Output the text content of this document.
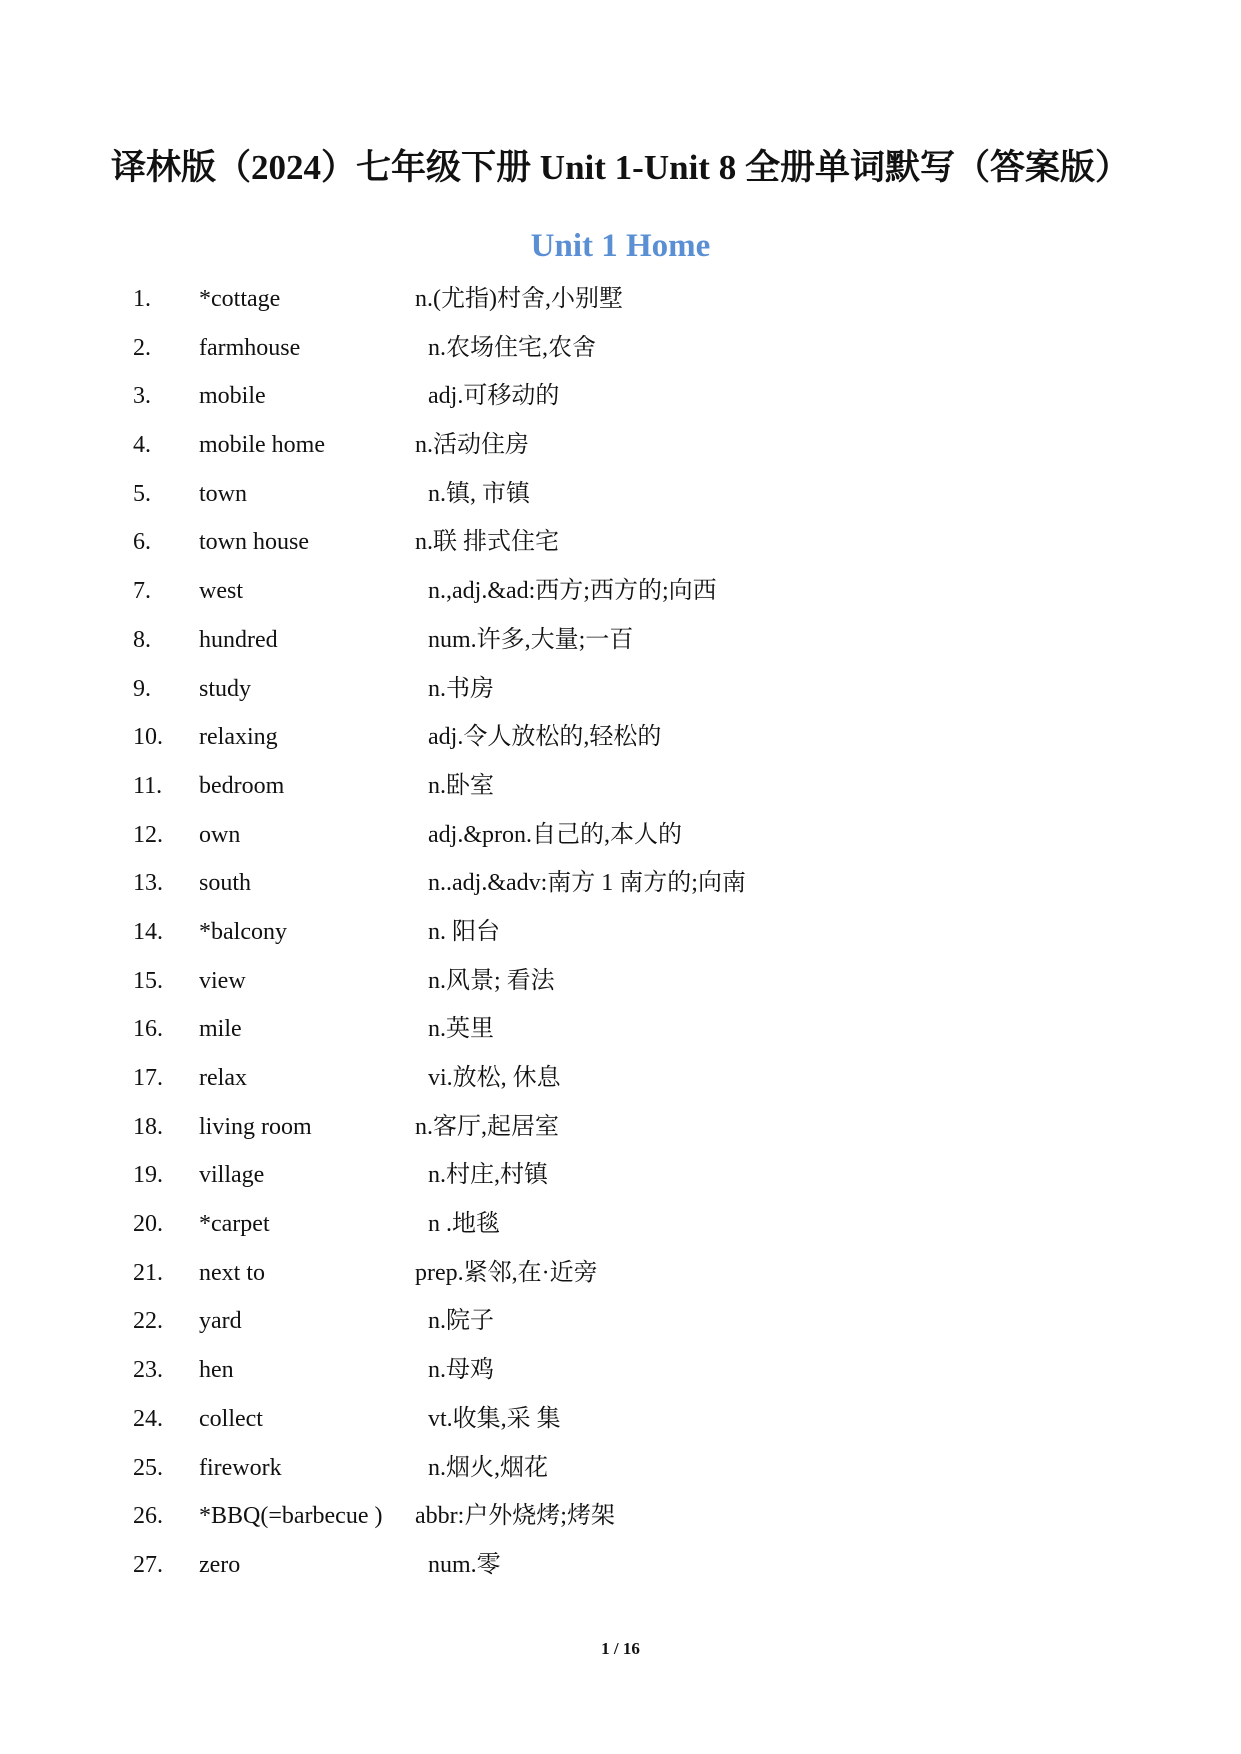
译林版（2024）七年级下册 Unit 1-Unit 8 全册单词默写（答案版）
Unit 1 Home
1. *cottage	n.(尤指)村舍,小别墅
2. farmhouse	n.农场住宅,农舍
3. mobile	adj.可移动的
4. mobile home	n.活动住房
5. town	n.镇, 市镇
6. town house	n.联 排式住宅
7. west	n.,adj.&ad:西方;西方的;向西
8. hundred	num.许多,大量;一百
9. study	n.书房
10. relaxing	adj.令人放松的,轻松的
11. bedroom	n.卧室
12. own	adj.&pron.自己的,本人的
13. south	n..adj.&adv:南方 1 南方的;向南
14. *balcony	n. 阳台
15. view	n.风景; 看法
16. mile	n.英里
17. relax	vi.放松, 休息
18. living room	n.客厅,起居室
19. village	n.村庄,村镇
20. *carpet	n .地毯
21. next to	prep.紧邻,在·近旁
22. yard	n.院子
23. hen	n.母鸡
24. collect	vt.收集,采 集
25. firework	n.烟火,烟花
26. *BBQ(=barbecue ) abbr:户外烧烤;烤架
27. zero	num.零
1 / 16
